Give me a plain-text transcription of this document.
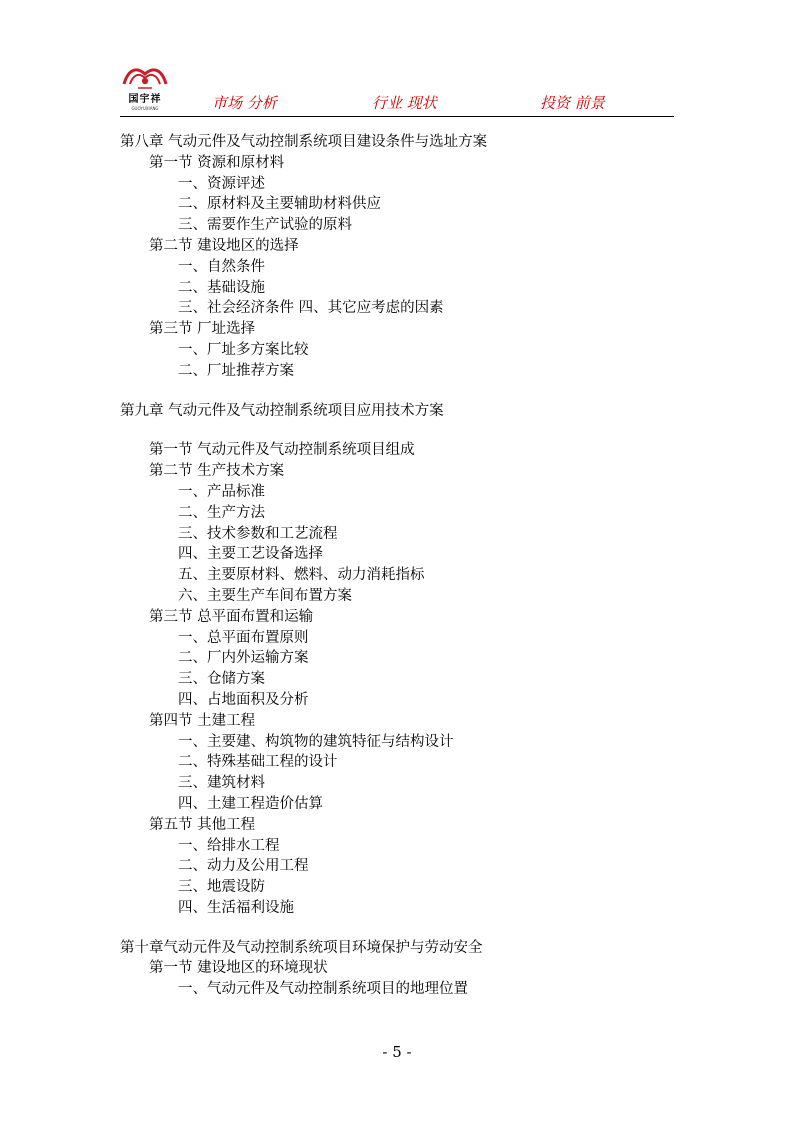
国宇祥
GUOYUXIANG	市场 分析	行业 现状	投资 前景
第八章 气动元件及气动控制系统项目建设条件与选址方案
第一节 资源和原材料
一、资源评述
二、原材料及主要辅助材料供应
三、需要作生产试验的原料
第二节 建设地区的选择
一、自然条件
二、基础设施
三、社会经济条件 四、其它应考虑的因素
第三节 厂址选择
一、厂址多方案比较
二、厂址推荐方案
第九章 气动元件及气动控制系统项目应用技术方案
第一节 气动元件及气动控制系统项目组成
第二节 生产技术方案
一、产品标准
二、生产方法
三、技术参数和工艺流程
四、主要工艺设备选择
五、主要原材料、燃料、动力消耗指标
六、主要生产车间布置方案
第三节 总平面布置和运输
一、总平面布置原则
二、厂内外运输方案
三、仓储方案
四、占地面积及分析
第四节 土建工程
一、主要建、构筑物的建筑特征与结构设计
二、特殊基础工程的设计
三、建筑材料
四、土建工程造价估算
第五节 其他工程
一、给排水工程
二、动力及公用工程
三、地震设防
四、生活福利设施
第十章气动元件及气动控制系统项目环境保护与劳动安全
第一节 建设地区的环境现状
一、气动元件及气动控制系统项目的地理位置
- 5 -
